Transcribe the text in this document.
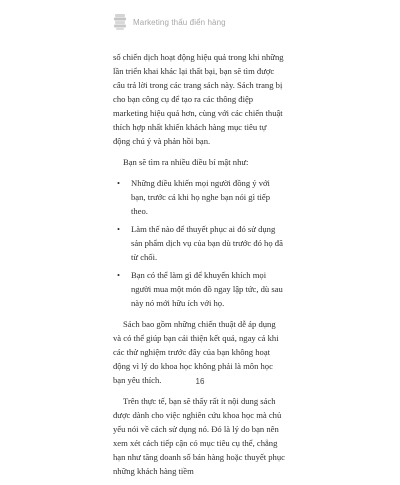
Marketing thấu điển hàng

số chiến dịch hoạt động hiệu quả trong khi những lần triển khai khác lại thất bại, bạn sẽ tìm được câu trả lời trong các trang sách này. Sách trang bị cho bạn công cụ để tạo ra các thông điệp marketing hiệu quả hơn, cùng với các chiến thuật thích hợp nhất khiến khách hàng mục tiêu tự động chú ý và phản hồi bạn.

Bạn sẽ tìm ra nhiều điều bí mật như:

• Những điều khiến mọi người đồng ý với bạn, trước cả khi họ nghe bạn nói gì tiếp theo.
• Làm thế nào để thuyết phục ai đó sử dụng sản phẩm dịch vụ của bạn dù trước đó họ đã từ chối.
• Bạn có thể làm gì để khuyến khích mọi người mua một món đồ ngay lập tức, dù sau này nó mới hữu ích với họ.

Sách bao gồm những chiến thuật dễ áp dụng và có thể giúp bạn cải thiện kết quả, ngay cả khi các thử nghiệm trước đây của bạn không hoạt động vì lý do khoa học không phải là môn học bạn yêu thích.

Trên thực tế, bạn sẽ thấy rất ít nội dung sách được dành cho việc nghiên cứu khoa học mà chủ yếu nói về cách sử dụng nó. Đó là lý do bạn nên xem xét cách tiếp cận có mục tiêu cụ thể, chẳng hạn như tăng doanh số bán hàng hoặc thuyết phục những khách hàng tiềm

16
